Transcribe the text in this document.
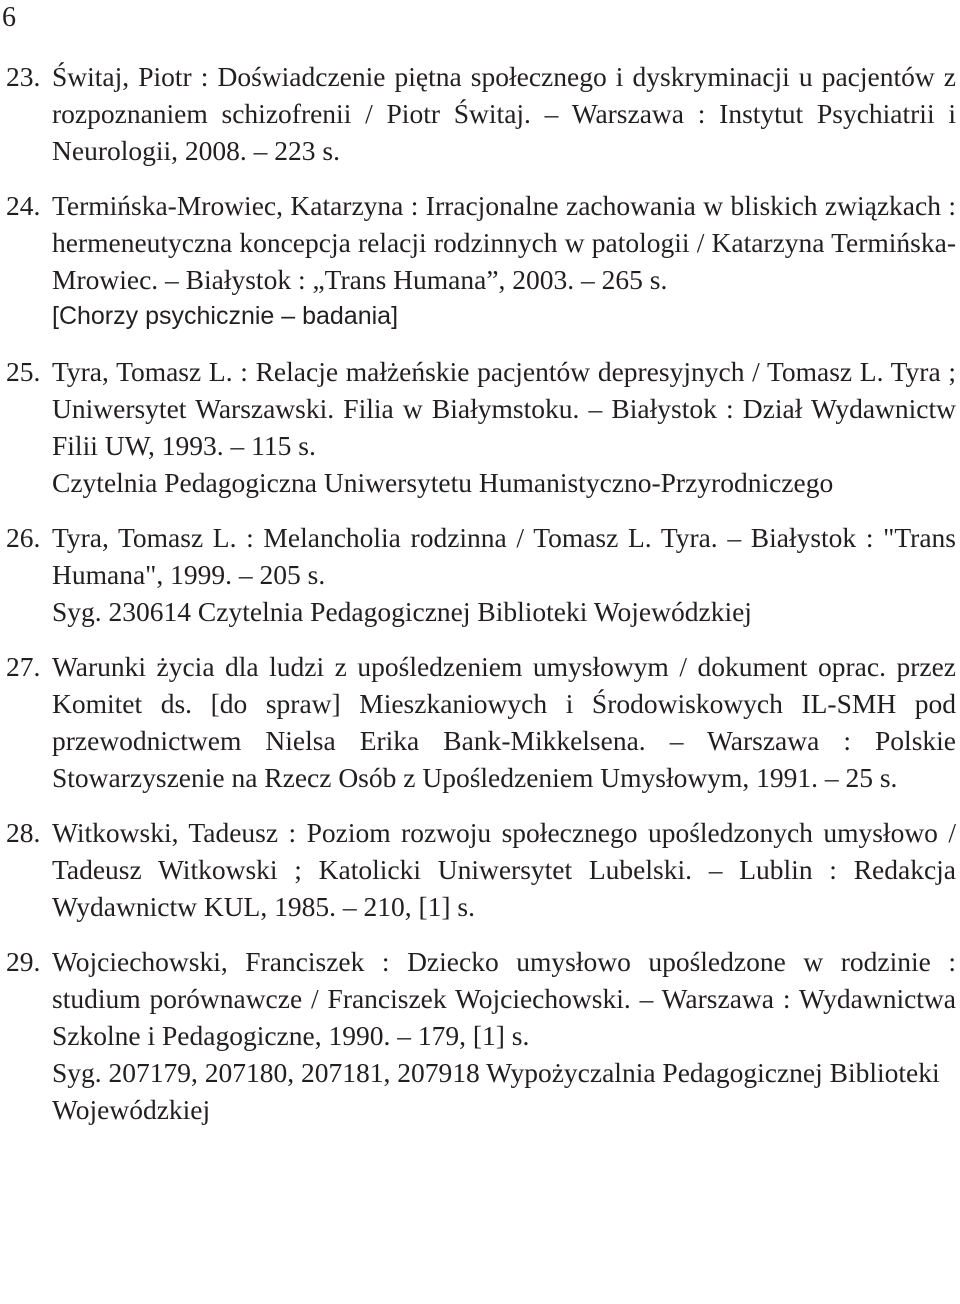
6
23. Świtaj, Piotr : Doświadczenie piętna społecznego i dyskryminacji u pacjentów z rozpoznaniem schizofrenii / Piotr Świtaj. – Warszawa : Instytut Psychiatrii i Neurologii, 2008. – 223 s.
24. Termińska-Mrowiec, Katarzyna : Irracjonalne zachowania w bliskich związkach : hermeneutyczna koncepcja relacji rodzinnych w patologii / Katarzyna Termińska-Mrowiec. – Białystok : „Trans Humana”, 2003. – 265 s.
[Chorzy psychicznie – badania]
25. Tyra, Tomasz L. : Relacje małżeńskie pacjentów depresyjnych / Tomasz L. Tyra ; Uniwersytet Warszawski. Filia w Białymstoku. – Białystok : Dział Wydawnictw Filii UW, 1993. – 115 s.
Czytelnia Pedagogiczna Uniwersytetu Humanistyczno-Przyrodniczego
26. Tyra, Tomasz L. : Melancholia rodzinna / Tomasz L. Tyra. – Białystok : "Trans Humana", 1999. – 205 s.
Syg. 230614 Czytelnia Pedagogicznej Biblioteki Wojewódzkiej
27. Warunki życia dla ludzi z upośledzeniem umysłowym / dokument oprac. przez Komitet ds. [do spraw] Mieszkaniowych i Środowiskowych IL-SMH pod przewodnictwem Nielsa Erika Bank-Mikkelsena. – Warszawa : Polskie Stowarzyszenie na Rzecz Osób z Upośledzeniem Umysłowym, 1991. – 25 s.
28. Witkowski, Tadeusz : Poziom rozwoju społecznego upośledzonych umysłowo / Tadeusz Witkowski ; Katolicki Uniwersytet Lubelski. – Lublin : Redakcja Wydawnictw KUL, 1985. – 210, [1] s.
29. Wojciechowski, Franciszek : Dziecko umysłowo upośledzone w rodzinie : studium porównawcze / Franciszek Wojciechowski. – Warszawa : Wydawnictwa Szkolne i Pedagogiczne, 1990. – 179, [1] s.
Syg. 207179, 207180, 207181, 207918 Wypożyczalnia Pedagogicznej Biblioteki Wojewódzkiej
